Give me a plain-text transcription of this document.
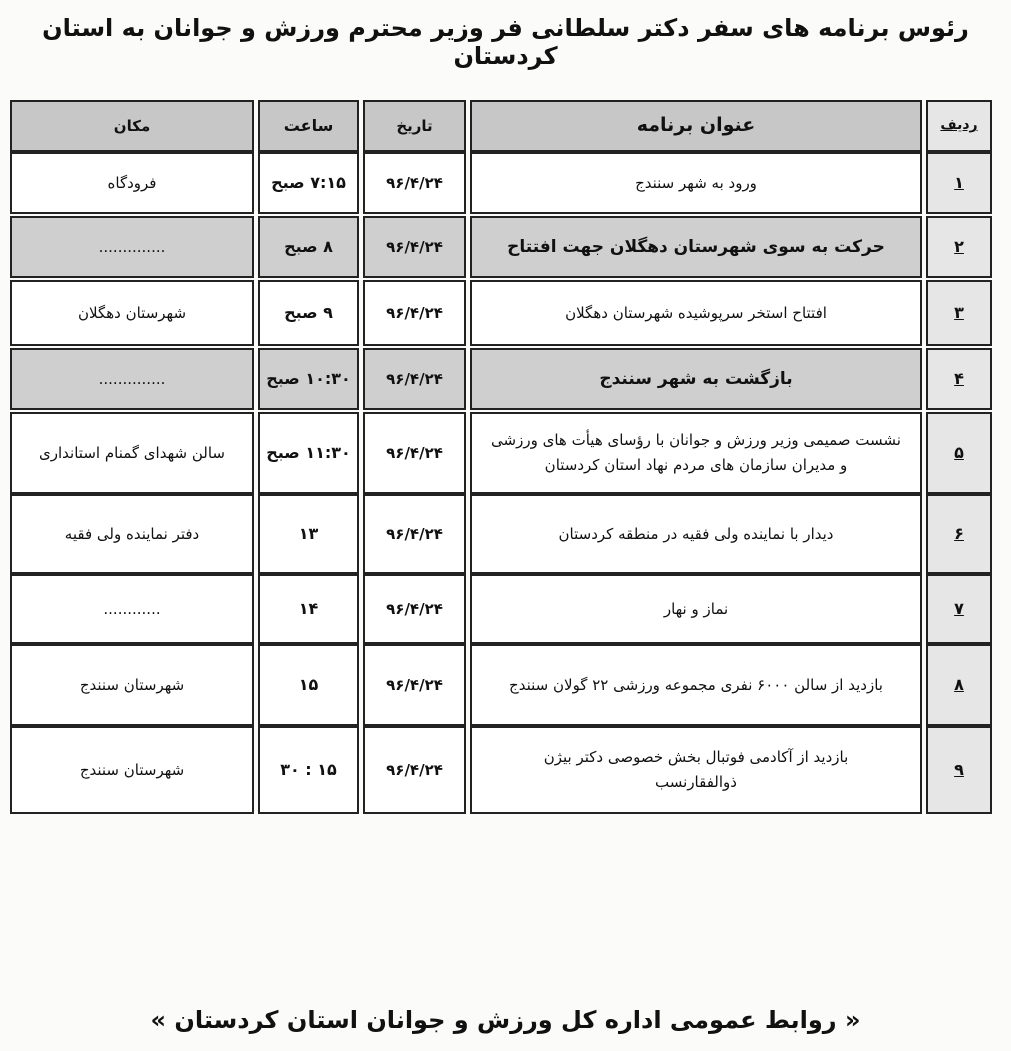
رئوس برنامه های سفر دکتر سلطانی فر وزیر محترم ورزش و جوانان به استان کردستان
ردیف
عنوان برنامه
تاریخ
ساعت
مکان
۱
ورود به شهر سنندج
۹۶/۴/۲۴
۷:۱۵ صبح
فرودگاه
۲
حرکت به سوی شهرستان دهگلان جهت افتتاح
۹۶/۴/۲۴
۸ صبح
..............
۳
افتتاح استخر سرپوشیده شهرستان دهگلان
۹۶/۴/۲۴
۹ صبح
شهرستان دهگلان
۴
بازگشت به شهر سنندج
۹۶/۴/۲۴
۱۰:۳۰ صبح
..............
۵
نشست صمیمی وزیر ورزش و جوانان با رؤسای هیأت های ورزشی و مدیران سازمان های مردم نهاد استان کردستان
۹۶/۴/۲۴
۱۱:۳۰ صبح
سالن شهدای گمنام استانداری
۶
دیدار با نماینده ولی فقیه در منطقه کردستان
۹۶/۴/۲۴
۱۳
دفتر نماینده ولی فقیه
۷
نماز و نهار
۹۶/۴/۲۴
۱۴
............
۸
بازدید از سالن ۶۰۰۰ نفری مجموعه ورزشی ۲۲ گولان سنندج
۹۶/۴/۲۴
۱۵
شهرستان سنندج
۹
بازدید از آکادمی فوتبال بخش خصوصی دکتر بیژن ذوالفقارنسب
۹۶/۴/۲۴
۱۵ : ۳۰
شهرستان سنندج
« روابط عمومی اداره کل ورزش و جوانان استان کردستان »
